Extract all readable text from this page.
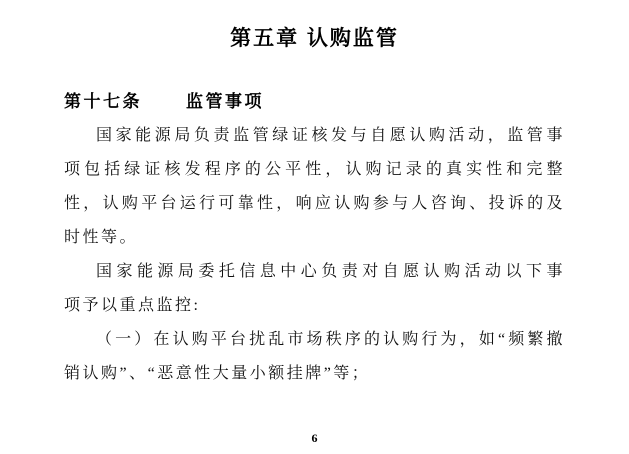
第五章 认购监管
第十七条	监管事项
国家能源局负责监管绿证核发与自愿认购活动，监管事
项包括绿证核发程序的公平性，认购记录的真实性和完整
性，认购平台运行可靠性，响应认购参与人咨询、投诉的及
时性等。
国家能源局委托信息中心负责对自愿认购活动以下事
项予以重点监控:
（一）在认购平台扰乱市场秩序的认购行为，如“频繁撤
销认购”、“恶意性大量小额挂牌”等；
6
